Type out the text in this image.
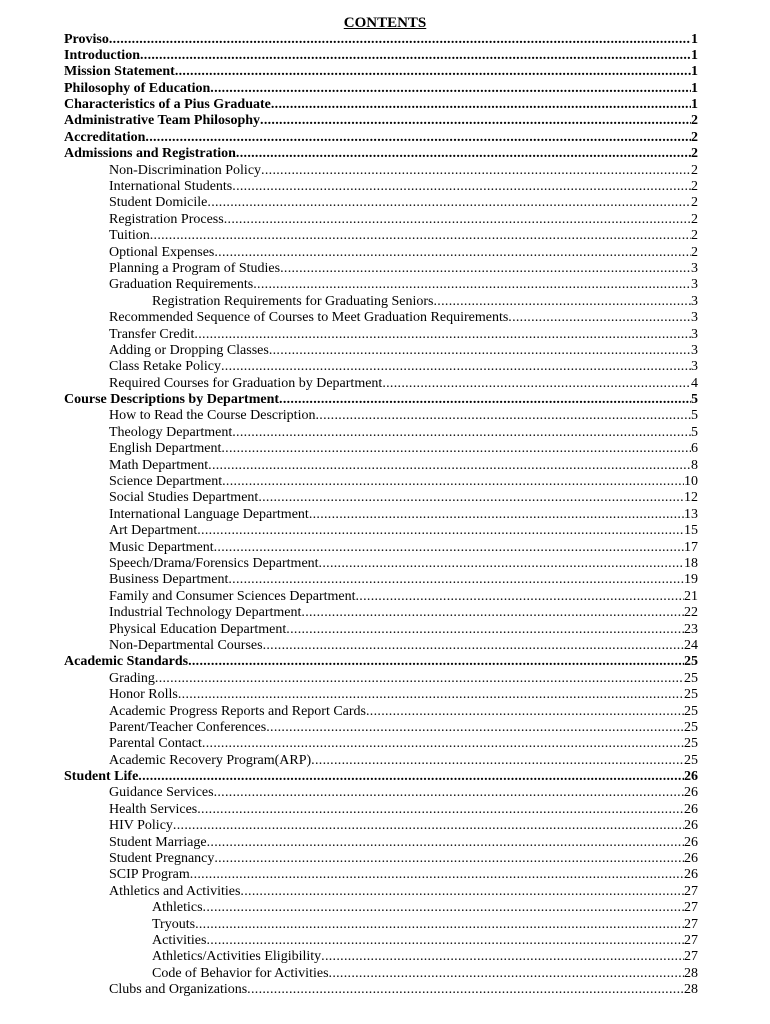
CONTENTS
Proviso .....	1
Introduction .....	1
Mission Statement .....	1
Philosophy of Education .....	1
Characteristics of a Pius Graduate .....	1
Administrative Team Philosophy .....	2
Accreditation .....	2
Admissions and Registration .....	2
Non-Discrimination Policy .....	2
International Students .....	2
Student Domicile .....	2
Registration Process .....	2
Tuition .....	2
Optional Expenses .....	2
Planning a Program of Studies .....	3
Graduation Requirements .....	3
Registration Requirements for Graduating Seniors .....	3
Recommended Sequence of Courses to Meet Graduation Requirements .....	3
Transfer Credit .....	3
Adding or Dropping Classes .....	3
Class Retake Policy .....	3
Required Courses for Graduation by Department .....	4
Course Descriptions by Department .....	5
How to Read the Course Description .....	5
Theology Department .....	5
English Department .....	6
Math Department .....	8
Science Department .....	10
Social Studies Department .....	12
International Language Department .....	13
Art Department .....	15
Music Department .....	17
Speech/Drama/Forensics Department .....	18
Business Department .....	19
Family and Consumer Sciences Department .....	21
Industrial Technology Department .....	22
Physical Education Department .....	23
Non-Departmental Courses .....	24
Academic Standards .....	25
Grading .....	25
Honor Rolls .....	25
Academic Progress Reports and Report Cards .....	25
Parent/Teacher Conferences .....	25
Parental Contact .....	25
Academic Recovery Program(ARP) .....	25
Student Life .....	26
Guidance Services .....	26
Health Services .....	26
HIV Policy .....	26
Student Marriage .....	26
Student Pregnancy .....	26
SCIP Program .....	26
Athletics and Activities .....	27
Athletics .....	27
Tryouts .....	27
Activities .....	27
Athletics/Activities Eligibility .....	27
Code of Behavior for Activities .....	28
Clubs and Organizations .....	28
